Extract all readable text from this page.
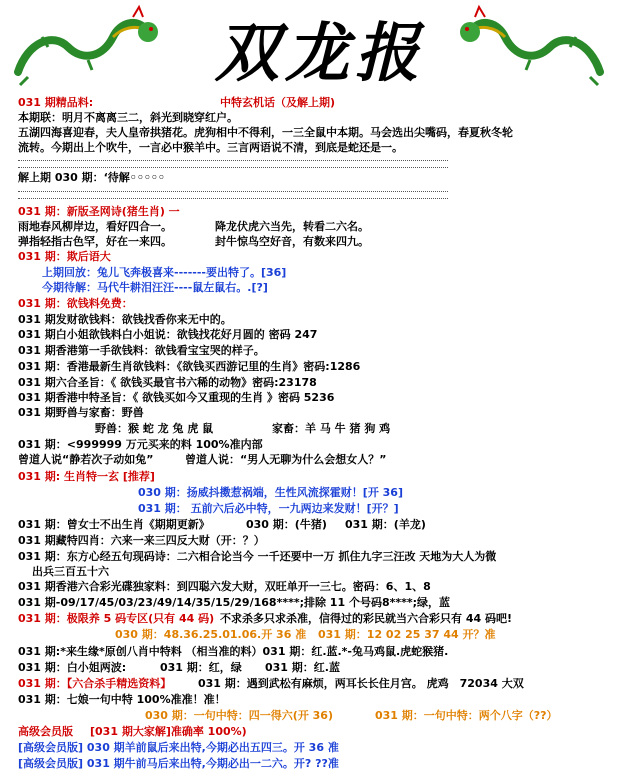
双龙报
031 期精品料:	中特玄机话（及解上期)
本期联：明月不离离三二，斜光到晓穿红户。
五湖四海喜迎春，夫人皇帝拱猪花。虎狗相中不得利，一三全鼠中本期。马会选出尖嘴码，春夏秋冬轮
流转。今期出上个吹牛，一言必中猴羊中。三言两语说不清，到底是蛇还是一。
解上期 030 期：‘待解◦◦◦◦◦
031 期：新版圣网诗(猪生肖) 一
雨地春风柳岸边，看好四合一。	降龙伏虎六当先，转看二六名。
弹指轻指古色罕，好在一来四。	封牛惊鸟空好音，有数来四九。
031 期：欺后语大
上期回放：兔儿飞奔极喜来-------要出特了。[36]
今期待解：马代牛耕泪汪汪----鼠左鼠右。.[?]
031 期：欲钱料免费：
031 期发财欲钱料：欲钱找香你来无中的。
031 期白小姐欲钱料白小姐说：欲钱找花好月圆的 密码 247
031 期香港第一手欲钱料：欲钱看宝宝哭的样子。
031 期：香港最新生肖欲钱料：《欲钱买西游记里的生肖》密码:1286
031 期六合圣旨：《 欲钱买最官书六稀的动物》密码:23178
031 期香港中特圣旨：《 欲钱买如今又重现的生肖 》密码 5236
031 期野兽与家畜：野兽
野兽：猴 蛇 龙 兔 虎 鼠	家畜：羊 马 牛 猪 狗 鸡
031 期：<999999 万元买来的料 100%准内部
曾道人说“静若次子动如兔”	曾道人说：“男人无聊为什么会想女人？”
031 期: 生肖特一玄 [推荐]
030 期：扬威抖擞惹祸端，生性风流探霍财！[开 36]
031 期： 五前六后必中特，一九两边来发财！[开？]
031 期：曾女士不出生肖《期期更新》	030 期：(牛猪) 031 期：(羊龙)
031 期藏特四肖：六来一来三四反大财（开：？）
031 期：东方心经五句现码诗：二六相合论当今 一千还要中一万 抓住九字三汪改 天地为大人为微
出兵三百五十六
031 期香港六合彩光碟独家料：到四聪六发大财，双旺单开一三七。密码：6、1、8
031 期-09/17/45/03/23/49/14/35/15/29/168****;排除 11 个号码8****;绿，蓝
031 期：极限养 5 码专区(只有 44 码) 不求杀多只求杀准，信得过的彩民就当六合彩只有 44 码吧!
030 期：48.36.25.01.06.开 36 准 031 期：12 02 25 37 44 开？准
031 期:*来生缘*原创八肖中特料 （相当准的料）031 期：红.蓝.*-兔马鸡鼠.虎蛇猴猪.
031 期：白小姐两波:	031 期：红，绿 031 期：红.蓝
031 期：【六合杀手精选资料】 031 期：遇到武松有麻烦，两耳长长住月宫。 虎鸡　72034 大双
031 期：七娘一句中特 100%准准！准！
030 期：一句中特：四一得六(开 36)	031 期：一句中特：两个八字（??）
高级会员版 [031 期大家解]准确率 100%)
[高级会员版] 030 期羊前鼠后来出特,今期必出五四三。开 36 准
[高级会员版] 031 期牛前马后来出特,今期必出一二六。开? ??准
